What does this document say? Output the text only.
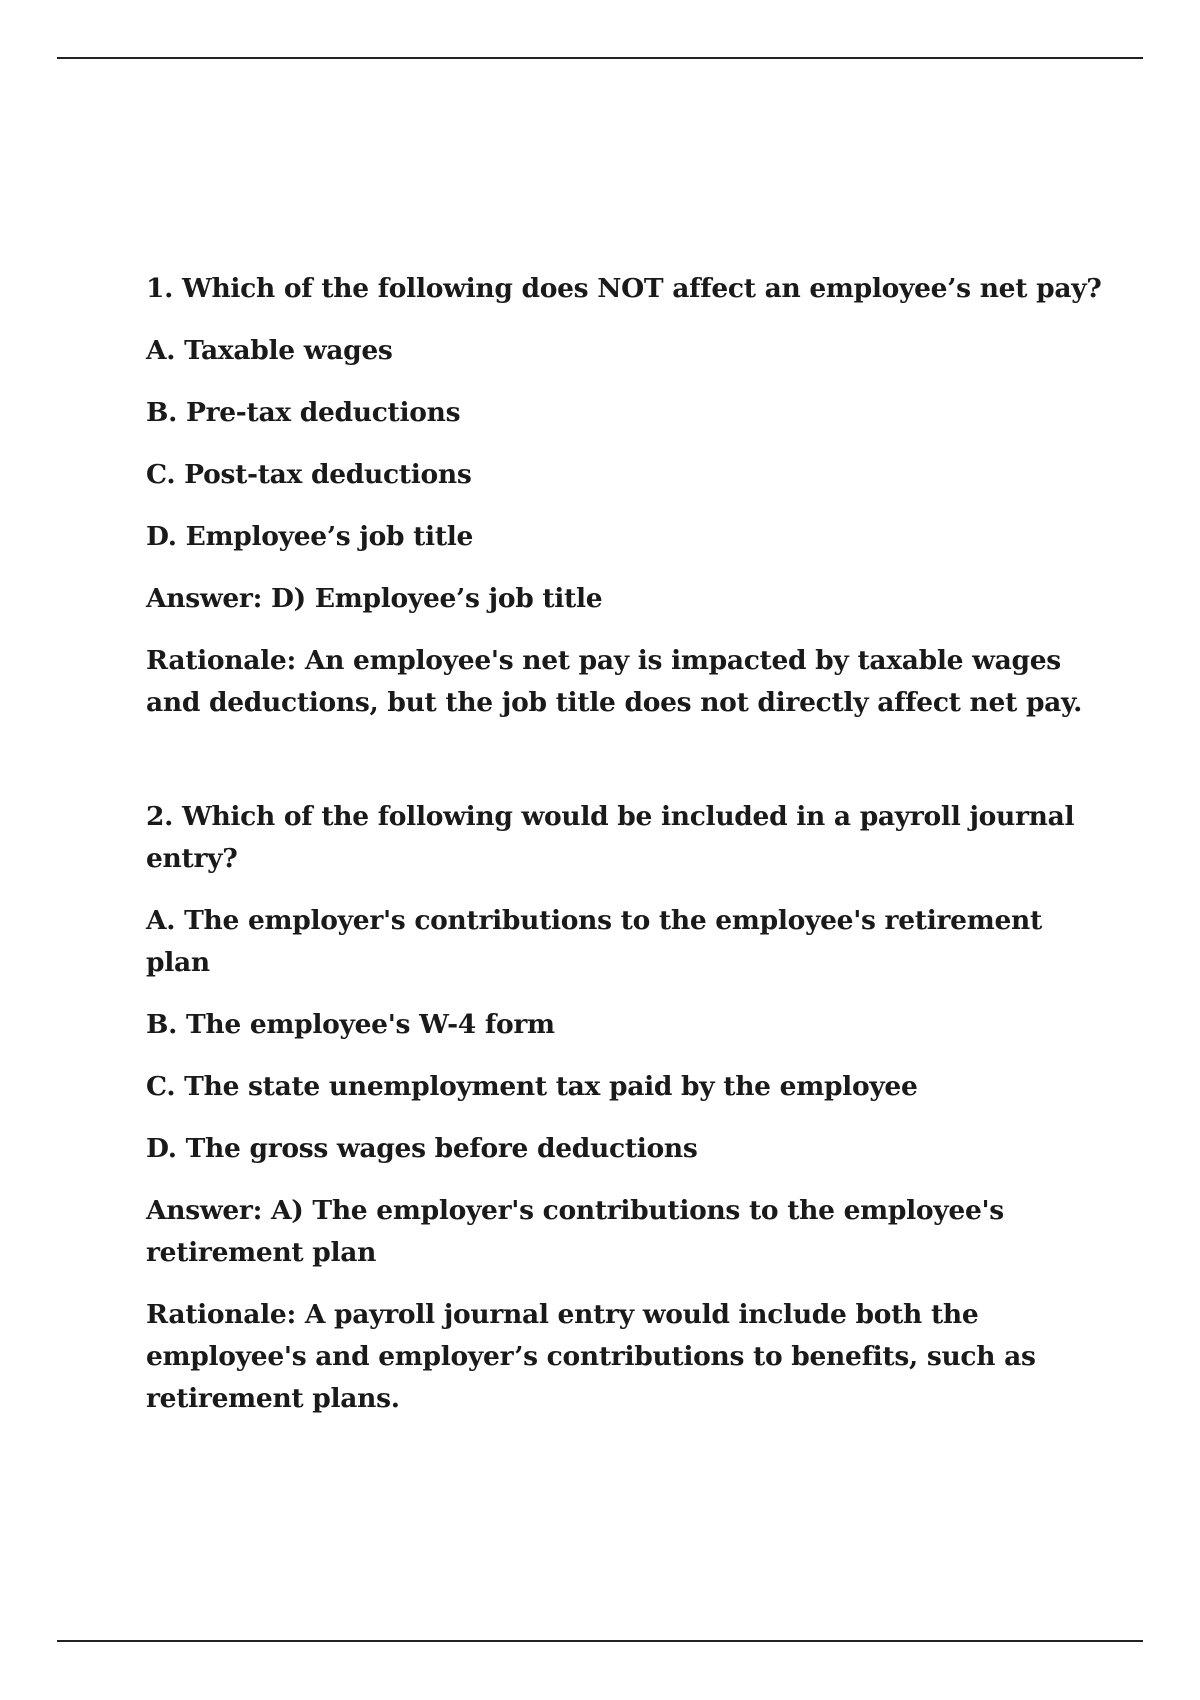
1. Which of the following does NOT affect an employee’s net pay?

A. Taxable wages

B. Pre-tax deductions

C. Post-tax deductions

D. Employee’s job title

Answer: D) Employee’s job title

Rationale: An employee's net pay is impacted by taxable wages and deductions, but the job title does not directly affect net pay.

2. Which of the following would be included in a payroll journal entry?

A. The employer's contributions to the employee's retirement plan

B. The employee's W-4 form

C. The state unemployment tax paid by the employee

D. The gross wages before deductions

Answer: A) The employer's contributions to the employee's retirement plan

Rationale: A payroll journal entry would include both the employee's and employer’s contributions to benefits, such as retirement plans.
